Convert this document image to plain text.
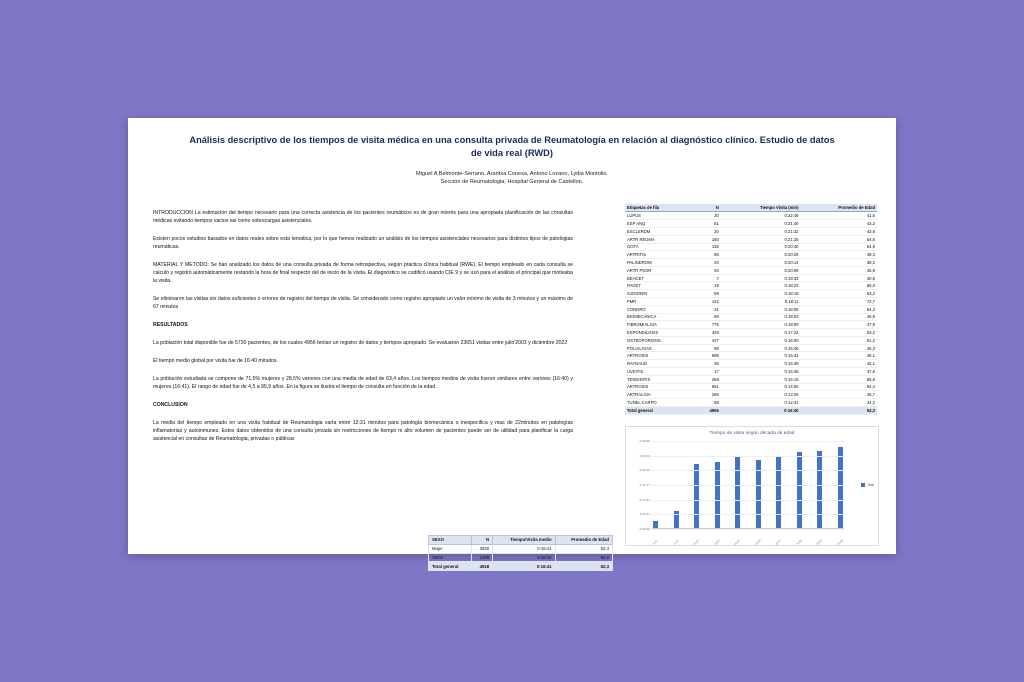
Análisis descriptivo de los tiempos de visita médica en una consulta privada de Reumatología en relación al diagnóstico clínico. Estudio de datos de vida real (RWD)
Miguel A Belmonte-Serrano, Arantxa Conesa, Antono Lozano, Lydia Montolio.
Sección de Reumatologia, Hospital General de Castellon.

INTRODUCCION La estimación del tiempo necesario para una correcta asistencia de los pacientes reumáticos es de gran interés para una apropiada planificación de las consultas médicas evitando tiempos vacios asi como sobrecargas asistenciales.

Existen pocos estudios basados en datos reales sobre esta temática, por lo que hemos realizado un análisis de los tiempos asistenciales necesarios para distintos tipos de patologias reumáticas.

MATERIAL Y METODO: Se han analizado los datos de una consulta privada de forma retrospectiva, según práctica clínica habitual (RWE). El tiempo empleado en cada consulta se calculó y registró automáticamente restando la hora de final respecto del de inicio de la visita. El diagnóstico se codificó usando CIE 9 y se usó para el análisis el principal que motivaba la visita.

Se eliminaron las visitas sin datos suficientes o errores de registro del tiempo de visita. Se considerado como registro apropiado un valor mínimo de visita de 3 minutos y un máximo de 67 minutos

RESULTADOS

La población total disponible fue de 5730 pacientes, de los cuales 4956 tenían un registro de datos y tiempos apropiado. Se evaluaron 23651 visitas entre julio'2003 y diciembre 2022

El tiempo medio global por visita fue de 16:40 minutos.

La población estudiada se compone de 71,5% mujeres y 28,5% varones con una media de edad de 63,4 años. Los tiempos medios de visita fueron similares entre varones (16:40) y mujeres (16:41). El rango de edad fue de 4,5 a 95,9 años. En la figura se ilustra el tiempo de consulta en función de la edad.

CONCLUSION

La media del tiempo empleado en una visita habitual de Reumatologia varía entre 12:31 minutos para patología biomecánica o inespecifica y mas de 22minutos en patologías inflamatorias y autoinmunes. Estos datos obtenidos de una consulta privada sin restricciones de tiempo ni alto volumen de pacientes puede ser de utilidad para planificar la carga asistencial en consultas de Reumatologia, privadas o públicas

Etiquetas de fila	N	Tiempo Visita (min)	Promedio de Edad
LUPUS	30	0:22:49	41,5
ESP ANQ	61	0:21:40	43,2
ESCLERDM	20	0:21:32	43,8
ARTR REUMA	160	0:21:25	54,8
GOTA	136	0:20:40	54,5
ARTRITIS	86	0:20:29	49,3
PALINDROM	20	0:20:14	39,2
ARTR PSOR	93	0:20:09	45,9
BEHCET	7	0:19:32	40,6
PAGET	19	0:18:23	65,0
SJOGREN	59	0:18:15	53,2
PMR	122	0:18:11	72,7
CONDRO	31	0:18:05	64,3
BIOMECANICA	69	0:18:03	46,9
FIBROMIALGIA	775	0:18:00	47,9
ESPONDILOSIS	429	0:17:22	53,2
OSTEOPOROSIS	437	0:16:00	61,2
POLIALGIAS	98	0:15:46	46,3
ARTROSIS	999	0:15:43	46,1
RAYNAUD	36	0:15:39	42,1
UVEITIS	17	0:15:36	47,6
TENDINITIS	268	0:15:15	55,5
ARTROSIS	661	0:14:50	62,4
ARTRALGIA	265	0:13:29	45,7
TUNEL CARPO	58	0:12:31	44,2
Total general	4956	0:16:40	52,3
SEXO	N	Tiempo/Visita medio	Promedio de Edad
Mujer	3520	0:16:41	52,4
Varón	1398	0:16:40	52,2
Total general	4918	0:16:41	52,3
Tiempo de visita según década de edad
0:26:00
0:24:00
0:21:00
0:17:17
0:14:24
0:11:31
0:08:38
0/10	10/20	20/30	30/40	40/50	50/60	60/70	70/80	80/90	90/99
Total
